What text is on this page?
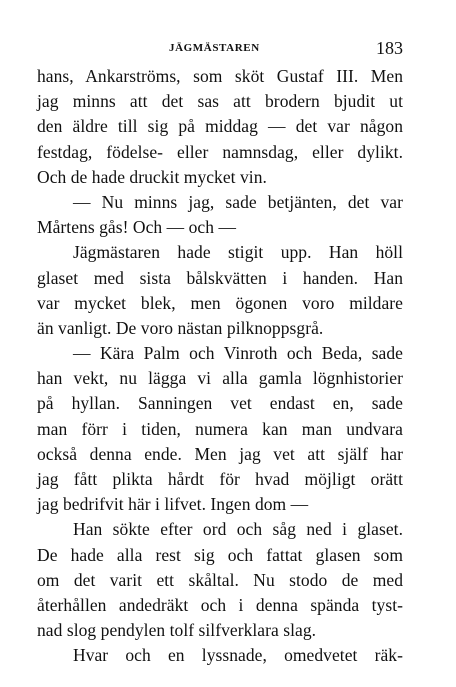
JÄGMÄSTAREN	183
hans, Ankarströms, som sköt Gustaf III. Men
jag minns att det sas att brodern bjudit ut
den äldre till sig på middag — det var någon
festdag, födelse- eller namnsdag, eller dylikt.
Och de hade druckit mycket vin.
— Nu minns jag, sade betjänten, det var
Mårtens gås! Och — och —
Jägmästaren hade stigit upp. Han höll
glaset med sista bålskvätten i handen. Han
var mycket blek, men ögonen voro mildare
än vanligt. De voro nästan pilknoppsgrå.
— Kära Palm och Vinroth och Beda, sade
han vekt, nu lägga vi alla gamla lögnhistorier
på hyllan. Sanningen vet endast en, sade
man förr i tiden, numera kan man undvara
också denna ende. Men jag vet att själf har
jag fått plikta hårdt för hvad möjligt orätt
jag bedrifvit här i lifvet. Ingen dom —
Han sökte efter ord och såg ned i glaset.
De hade alla rest sig och fattat glasen som
om det varit ett skåltal. Nu stodo de med
återhållen andedräkt och i denna spända tyst-
nad slog pendylen tolf silfverklara slag.
Hvar och en lyssnade, omedvetet räk-
